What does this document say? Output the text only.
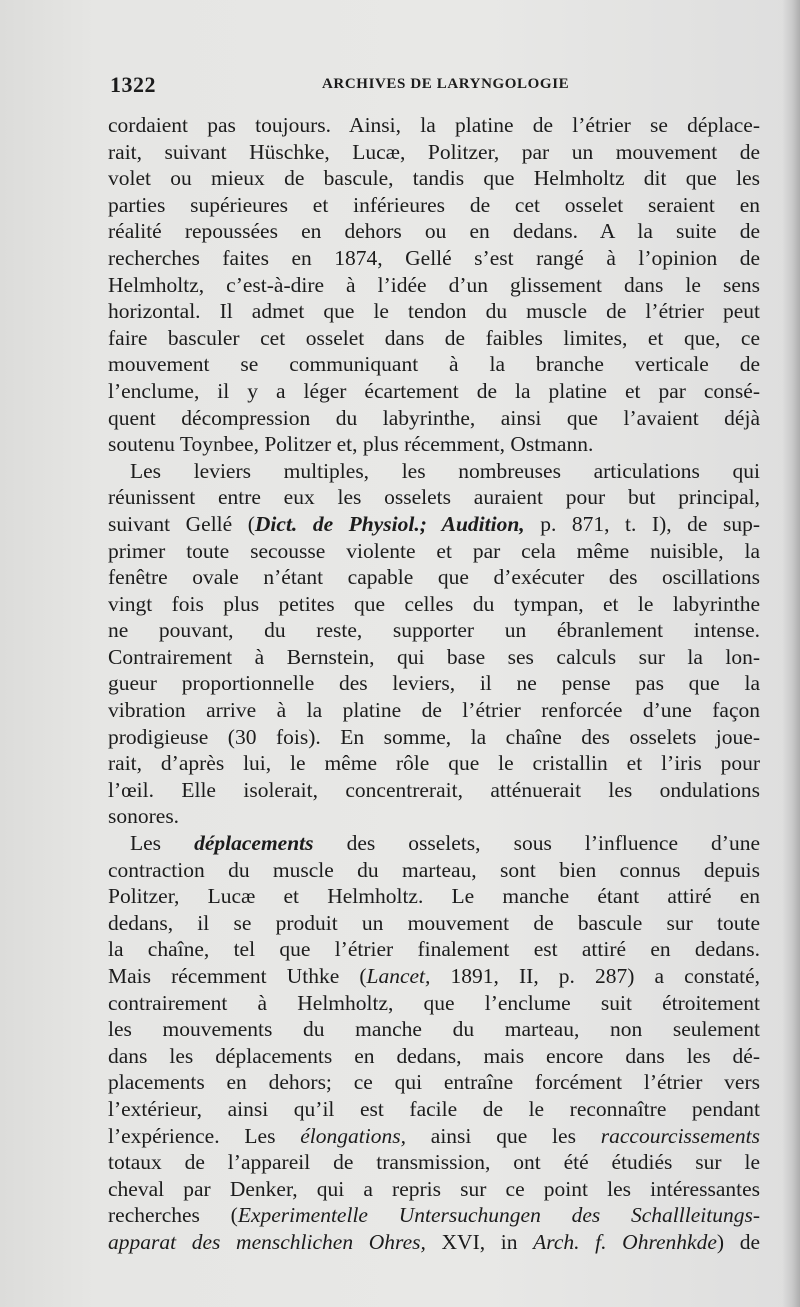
1322	ARCHIVES DE LARYNGOLOGIE
cordaient pas toujours. Ainsi, la platine de l’étrier se déplace-
rait, suivant Hüschke, Lucæ, Politzer, par un mouvement de
volet ou mieux de bascule, tandis que Helmholtz dit que les
parties supérieures et inférieures de cet osselet seraient en
réalité repoussées en dehors ou en dedans. A la suite de
recherches faites en 1874, Gellé s’est rangé à l’opinion de
Helmholtz, c’est-à-dire à l’idée d’un glissement dans le sens
horizontal. Il admet que le tendon du muscle de l’étrier peut
faire basculer cet osselet dans de faibles limites, et que, ce
mouvement se communiquant à la branche verticale de
l’enclume, il y a léger écartement de la platine et par consé-
quent décompression du labyrinthe, ainsi que l’avaient déjà
soutenu Toynbee, Politzer et, plus récemment, Ostmann.
Les leviers multiples, les nombreuses articulations qui
réunissent entre eux les osselets auraient pour but principal,
suivant Gellé (Dict. de Physiol.; Audition, p. 871, t. I), de sup-
primer toute secousse violente et par cela même nuisible, la
fenêtre ovale n’étant capable que d’exécuter des oscillations
vingt fois plus petites que celles du tympan, et le labyrinthe
ne pouvant, du reste, supporter un ébranlement intense.
Contrairement à Bernstein, qui base ses calculs sur la lon-
gueur proportionnelle des leviers, il ne pense pas que la
vibration arrive à la platine de l’étrier renforcée d’une façon
prodigieuse (30 fois). En somme, la chaîne des osselets joue-
rait, d’après lui, le même rôle que le cristallin et l’iris pour
l’œil. Elle isolerait, concentrerait, atténuerait les ondulations
sonores.
Les déplacements des osselets, sous l’influence d’une
contraction du muscle du marteau, sont bien connus depuis
Politzer, Lucæ et Helmholtz. Le manche étant attiré en
dedans, il se produit un mouvement de bascule sur toute
la chaîne, tel que l’étrier finalement est attiré en dedans.
Mais récemment Uthke (Lancet, 1891, II, p. 287) a constaté,
contrairement à Helmholtz, que l’enclume suit étroitement
les mouvements du manche du marteau, non seulement
dans les déplacements en dedans, mais encore dans les dé-
placements en dehors; ce qui entraîne forcément l’étrier vers
l’extérieur, ainsi qu’il est facile de le reconnaître pendant
l’expérience. Les élongations, ainsi que les raccourcissements
totaux de l’appareil de transmission, ont été étudiés sur le
cheval par Denker, qui a repris sur ce point les intéressantes
recherches (Experimentelle Untersuchungen des Schallleitungs-
apparat des menschlichen Ohres, XVI, in Arch. f. Ohrenhkde) de
